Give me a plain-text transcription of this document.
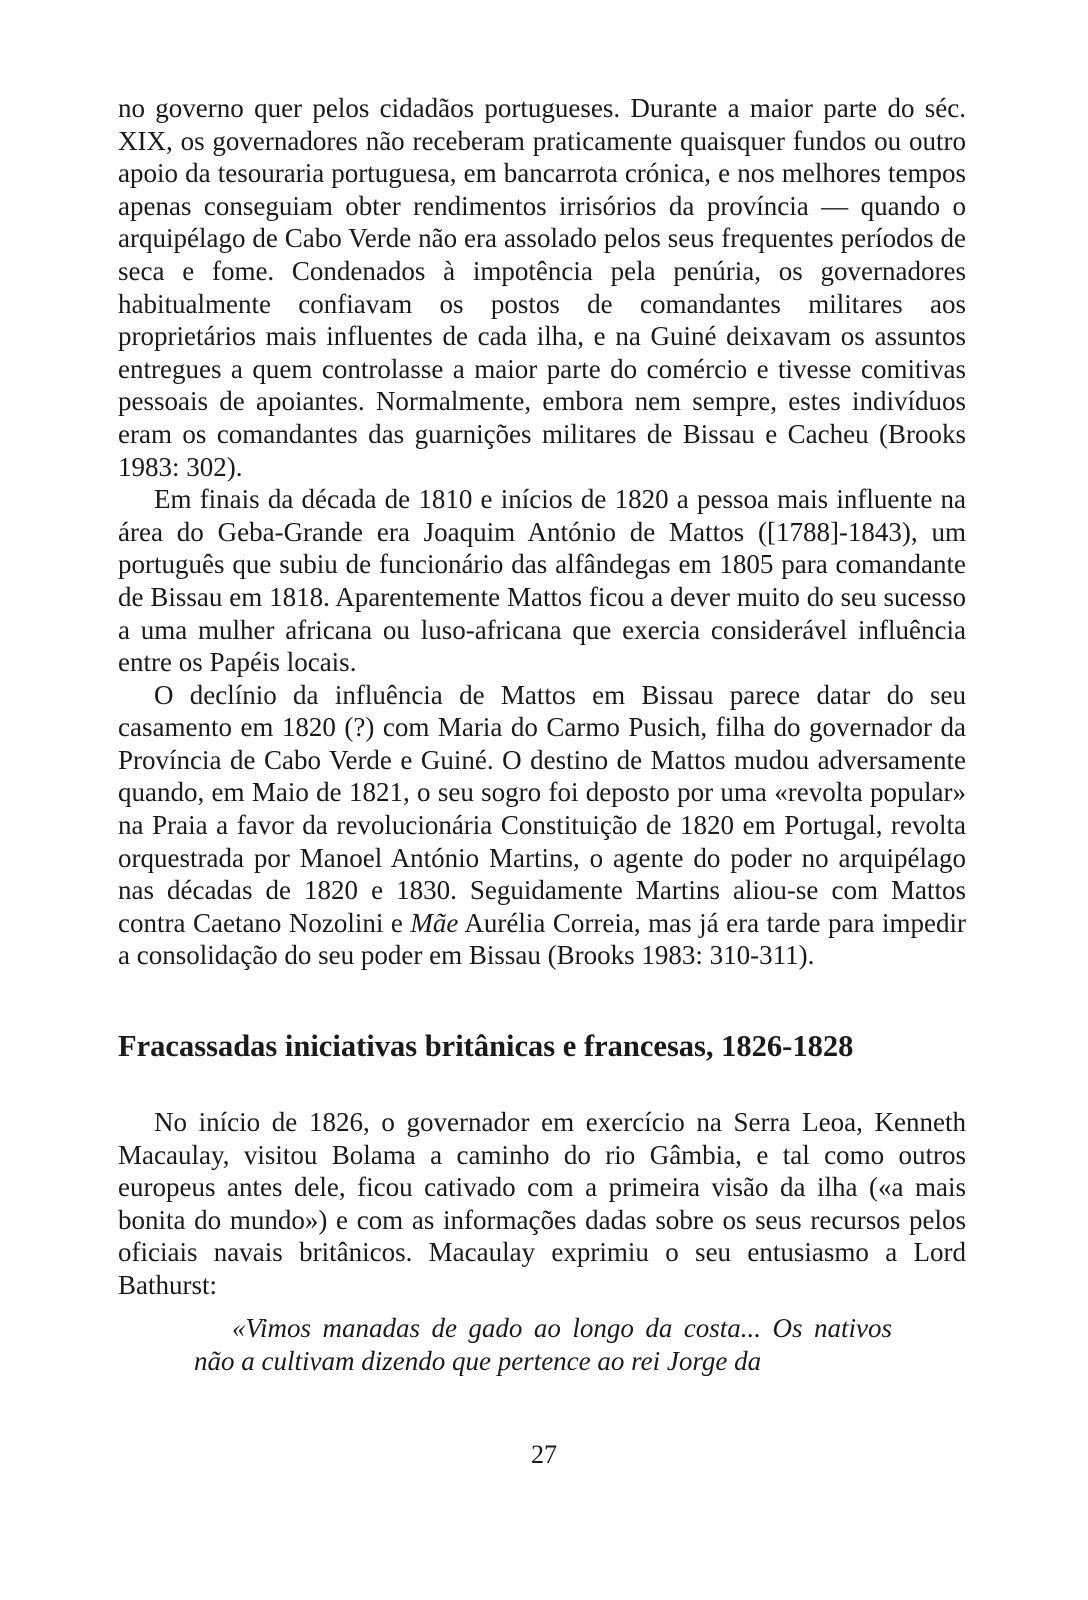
no governo quer pelos cidadãos portugueses. Durante a maior parte do séc. XIX, os governadores não receberam praticamente quaisquer fundos ou outro apoio da tesouraria portuguesa, em bancarrota crónica, e nos melhores tempos apenas conseguiam obter rendimentos irrisórios da província — quando o arquipélago de Cabo Verde não era assolado pelos seus frequentes períodos de seca e fome. Condenados à impotência pela penúria, os governadores habitualmente confiavam os postos de comandantes militares aos proprietários mais influentes de cada ilha, e na Guiné deixavam os assuntos entregues a quem controlasse a maior parte do comércio e tivesse comitivas pessoais de apoiantes. Normalmente, embora nem sempre, estes indivíduos eram os comandantes das guarnições militares de Bissau e Cacheu (Brooks 1983: 302).

Em finais da década de 1810 e inícios de 1820 a pessoa mais influente na área do Geba-Grande era Joaquim António de Mattos ([1788]-1843), um português que subiu de funcionário das alfândegas em 1805 para comandante de Bissau em 1818. Aparentemente Mattos ficou a dever muito do seu sucesso a uma mulher africana ou luso-africana que exercia considerável influência entre os Papéis locais.

O declínio da influência de Mattos em Bissau parece datar do seu casamento em 1820 (?) com Maria do Carmo Pusich, filha do governador da Província de Cabo Verde e Guiné. O destino de Mattos mudou adversamente quando, em Maio de 1821, o seu sogro foi deposto por uma «revolta popular» na Praia a favor da revolucionária Constituição de 1820 em Portugal, revolta orquestrada por Manoel António Martins, o agente do poder no arquipélago nas décadas de 1820 e 1830. Seguidamente Martins aliou-se com Mattos contra Caetano Nozolini e Mãe Aurélia Correia, mas já era tarde para impedir a consolidação do seu poder em Bissau (Brooks 1983: 310-311).

Fracassadas iniciativas britânicas e francesas, 1826-1828

No início de 1826, o governador em exercício na Serra Leoa, Kenneth Macaulay, visitou Bolama a caminho do rio Gâmbia, e tal como outros europeus antes dele, ficou cativado com a primeira visão da ilha («a mais bonita do mundo») e com as informações dadas sobre os seus recursos pelos oficiais navais britânicos. Macaulay exprimiu o seu entusiasmo a Lord Bathurst:

«Vimos manadas de gado ao longo da costa... Os nativos não a cultivam dizendo que pertence ao rei Jorge da

27
